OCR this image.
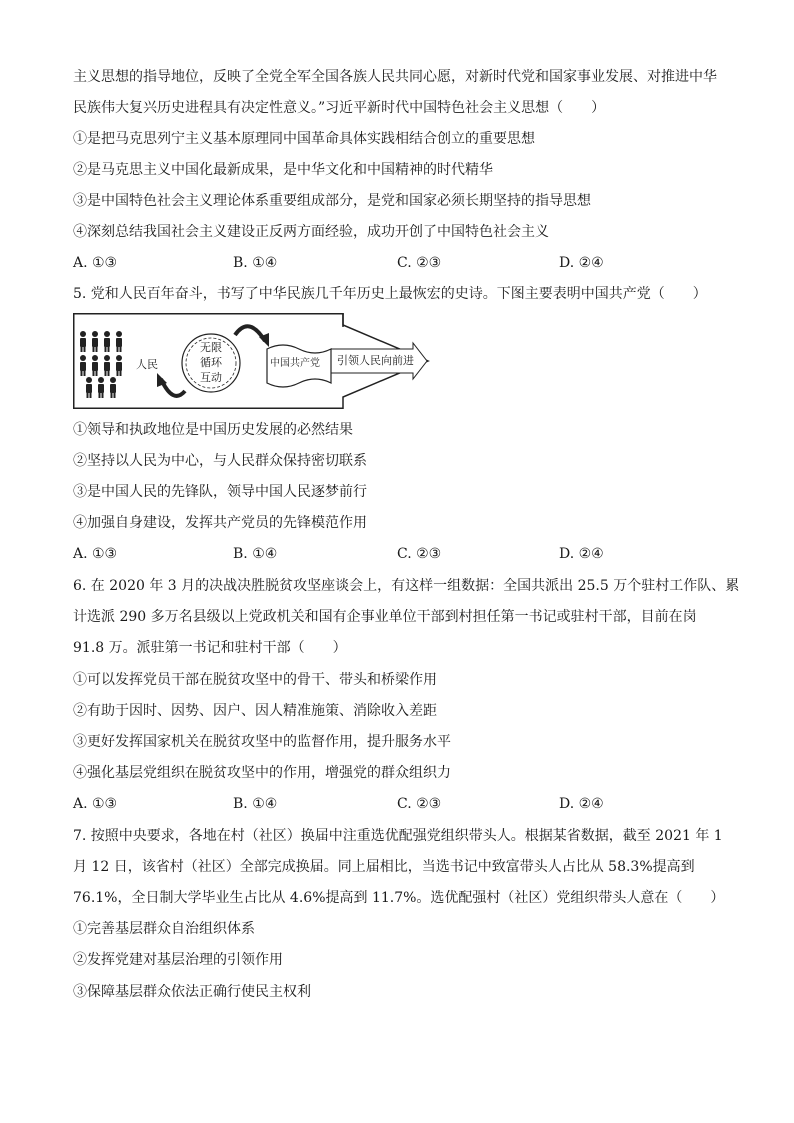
主义思想的指导地位，反映了全党全军全国各族人民共同心愿，对新时代党和国家事业发展、对推进中华
民族伟大复兴历史进程具有决定性意义。”习近平新时代中国特色社会主义思想（　　）
①是把马克思列宁主义基本原理同中国革命具体实践相结合创立的重要思想
②是马克思主义中国化最新成果，是中华文化和中国精神的时代精华
③是中国特色社会主义理论体系重要组成部分，是党和国家必须长期坚持的指导思想
④深刻总结我国社会主义建设正反两方面经验，成功开创了中国特色社会主义
A. ①③	B. ①④	C. ②③	D. ②④
5. 党和人民百年奋斗，书写了中华民族几千年历史上最恢宏的史诗。下图主要表明中国共产党（　　）
人民
无限
循环
互动
中国共产党 引领人民向前进
①领导和执政地位是中国历史发展的必然结果
②坚持以人民为中心，与人民群众保持密切联系
③是中国人民的先锋队，领导中国人民逐梦前行
④加强自身建设，发挥共产党员的先锋模范作用
A. ①③	B. ①④	C. ②③	D. ②④
6. 在 2020 年 3 月的决战决胜脱贫攻坚座谈会上，有这样一组数据：全国共派出 25.5 万个驻村工作队、累
计选派 290 多万名县级以上党政机关和国有企事业单位干部到村担任第一书记或驻村干部，目前在岗
91.8 万。派驻第一书记和驻村干部（　　）
①可以发挥党员干部在脱贫攻坚中的骨干、带头和桥梁作用
②有助于因时、因势、因户、因人精准施策、消除收入差距
③更好发挥国家机关在脱贫攻坚中的监督作用，提升服务水平
④强化基层党组织在脱贫攻坚中的作用，增强党的群众组织力
A. ①③	B. ①④	C. ②③	D. ②④
7. 按照中央要求，各地在村（社区）换届中注重选优配强党组织带头人。根据某省数据，截至 2021 年 1
月 12 日，该省村（社区）全部完成换届。同上届相比，当选书记中致富带头人占比从 58.3%提高到
76.1%，全日制大学毕业生占比从 4.6%提高到 11.7%。选优配强村（社区）党组织带头人意在（　　）
①完善基层群众自治组织体系
②发挥党建对基层治理的引领作用
③保障基层群众依法正确行使民主权利
